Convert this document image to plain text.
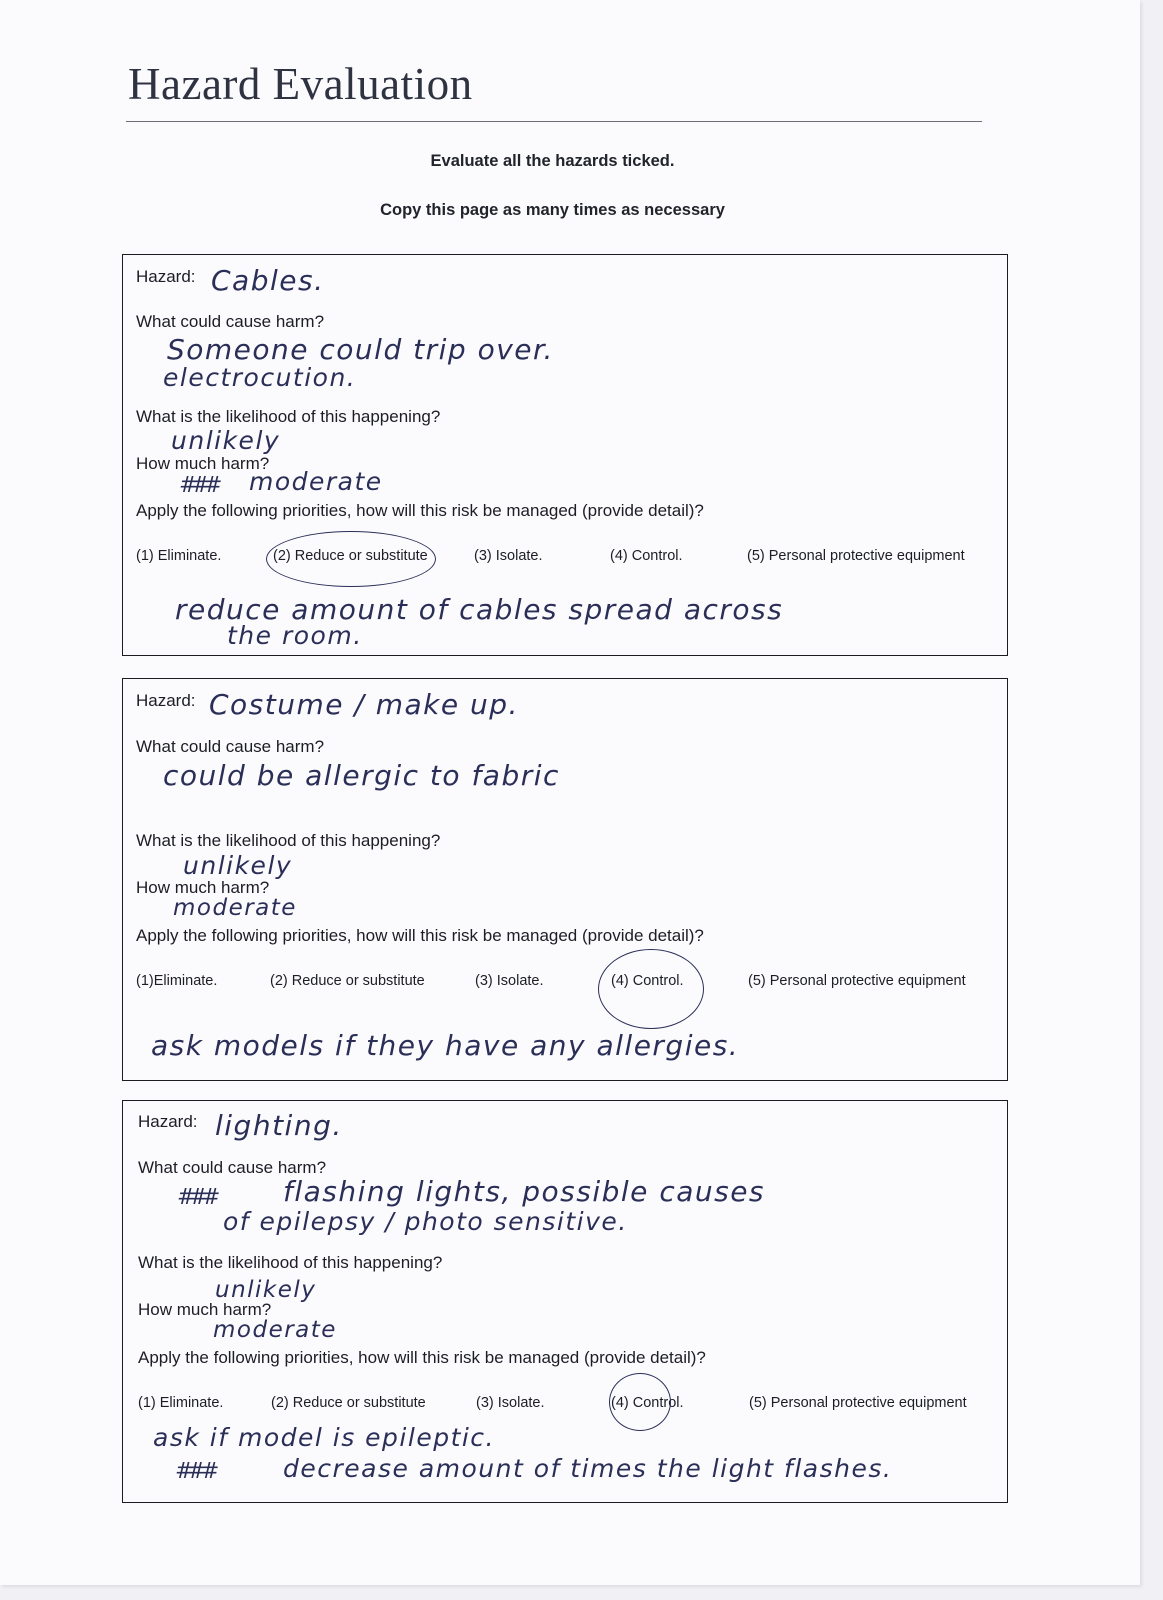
Hazard Evaluation
Evaluate all the hazards ticked.
Copy this page as many times as necessary
Hazard: Cables.
What could cause harm?
Someone could trip over.
electrocution.
What is the likelihood of this happening?
unlikely
How much harm?
### moderate
Apply the following priorities, how will this risk be managed (provide detail)?
(1) Eliminate.	(2) Reduce or substitute	(3) Isolate.	(4) Control.	(5) Personal protective equipment
reduce amount of cables spread across
the room.
Hazard: Costume / make up.
What could cause harm?
could be allergic to fabric
What is the likelihood of this happening?
unlikely
How much harm?
moderate
Apply the following priorities, how will this risk be managed (provide detail)?
(1)Eliminate.	(2) Reduce or substitute	(3) Isolate.	(4) Control.	(5) Personal protective equipment
ask models if they have any allergies.
Hazard: lighting.
What could cause harm?
### flashing lights, possible causes
of epilepsy / photo sensitive.
What is the likelihood of this happening?
unlikely
How much harm?
moderate
Apply the following priorities, how will this risk be managed (provide detail)?
(1) Eliminate.	(2) Reduce or substitute	(3) Isolate.	(4) Control.	(5) Personal protective equipment
ask if model is epileptic.
## #	decrease amount of times the light flashes.
